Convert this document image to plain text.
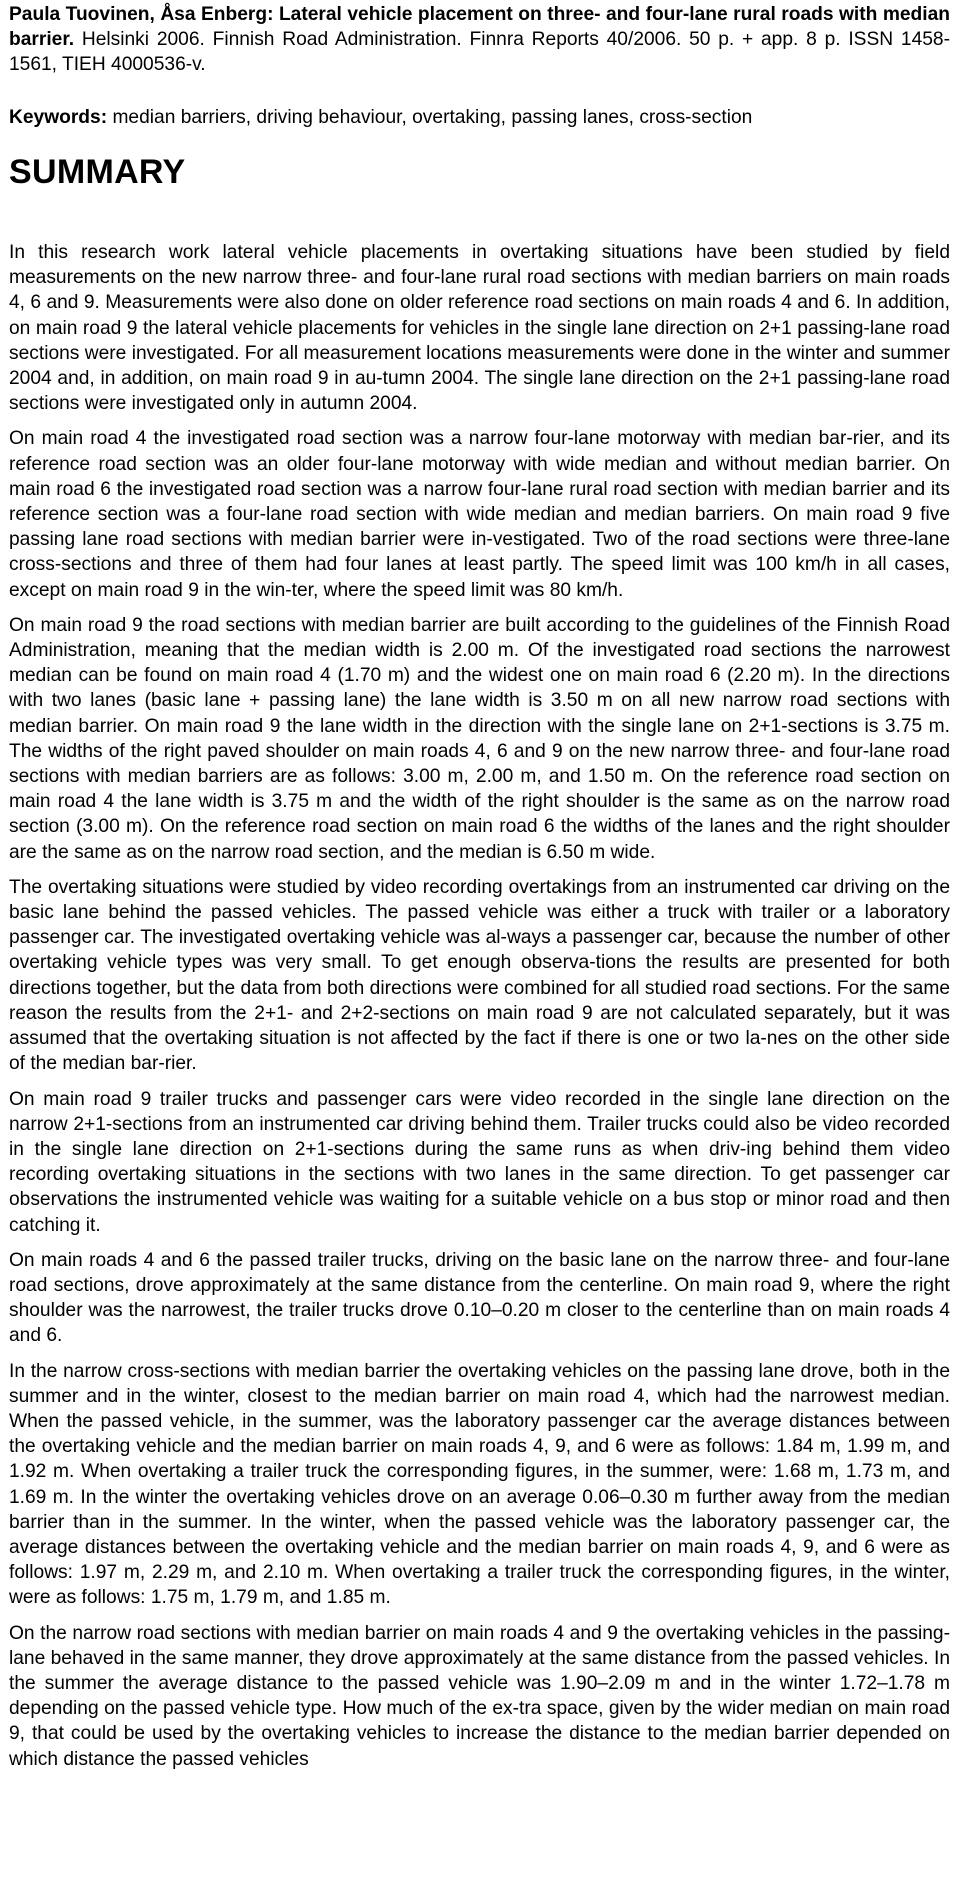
Paula Tuovinen, Åsa Enberg: Lateral vehicle placement on three- and four-lane rural roads with median barrier. Helsinki 2006. Finnish Road Administration. Finnra Reports 40/2006. 50 p. + app. 8 p. ISSN 1458-1561, TIEH 4000536-v.

Keywords: median barriers, driving behaviour, overtaking, passing lanes, cross-section

SUMMARY

In this research work lateral vehicle placements in overtaking situations have been studied by field measurements on the new narrow three- and four-lane rural road sections with median barriers on main roads 4, 6 and 9. Measurements were also done on older reference road sections on main roads 4 and 6. In addition, on main road 9 the lateral vehicle placements for vehicles in the single lane direction on 2+1 passing-lane road sections were investigated. For all measurement locations measurements were done in the winter and summer 2004 and, in addition, on main road 9 in au-tumn 2004. The single lane direction on the 2+1 passing-lane road sections were investigated only in autumn 2004.

On main road 4 the investigated road section was a narrow four-lane motorway with median bar-rier, and its reference road section was an older four-lane motorway with wide median and without median barrier. On main road 6 the investigated road section was a narrow four-lane rural road section with median barrier and its reference section was a four-lane road section with wide median and median barriers. On main road 9 five passing lane road sections with median barrier were in-vestigated. Two of the road sections were three-lane cross-sections and three of them had four lanes at least partly. The speed limit was 100 km/h in all cases, except on main road 9 in the win-ter, where the speed limit was 80 km/h.

On main road 9 the road sections with median barrier are built according to the guidelines of the Finnish Road Administration, meaning that the median width is 2.00 m. Of the investigated road sections the narrowest median can be found on main road 4 (1.70 m) and the widest one on main road 6 (2.20 m). In the directions with two lanes (basic lane + passing lane) the lane width is 3.50 m on all new narrow road sections with median barrier. On main road 9 the lane width in the direction with the single lane on 2+1-sections is 3.75 m. The widths of the right paved shoulder on main roads 4, 6 and 9 on the new narrow three- and four-lane road sections with median barriers are as follows: 3.00 m, 2.00 m, and 1.50 m. On the reference road section on main road 4 the lane width is 3.75 m and the width of the right shoulder is the same as on the narrow road section (3.00 m). On the reference road section on main road 6 the widths of the lanes and the right shoulder are the same as on the narrow road section, and the median is 6.50 m wide.

The overtaking situations were studied by video recording overtakings from an instrumented car driving on the basic lane behind the passed vehicles. The passed vehicle was either a truck with trailer or a laboratory passenger car. The investigated overtaking vehicle was al-ways a passenger car, because the number of other overtaking vehicle types was very small. To get enough observa-tions the results are presented for both directions together, but the data from both directions were combined for all studied road sections. For the same reason the results from the 2+1- and 2+2-sections on main road 9 are not calculated separately, but it was assumed that the overtaking situation is not affected by the fact if there is one or two la-nes on the other side of the median bar-rier.

On main road 9 trailer trucks and passenger cars were video recorded in the single lane direction on the narrow 2+1-sections from an instrumented car driving behind them. Trailer trucks could also be video recorded in the single lane direction on 2+1-sections during the same runs as when driv-ing behind them video recording overtaking situations in the sections with two lanes in the same direction. To get passenger car observations the instrumented vehicle was waiting for a suitable vehicle on a bus stop or minor road and then catching it.

On main roads 4 and 6 the passed trailer trucks, driving on the basic lane on the narrow three- and four-lane road sections, drove approximately at the same distance from the centerline. On main road 9, where the right shoulder was the narrowest, the trailer trucks drove 0.10–0.20 m closer to the centerline than on main roads 4 and 6.

In the narrow cross-sections with median barrier the overtaking vehicles on the passing lane drove, both in the summer and in the winter, closest to the median barrier on main road 4, which had the narrowest median. When the passed vehicle, in the summer, was the laboratory passenger car the average distances between the overtaking vehicle and the median barrier on main roads 4, 9, and 6 were as follows: 1.84 m, 1.99 m, and 1.92 m. When overtaking a trailer truck the corresponding figures, in the summer, were: 1.68 m, 1.73 m, and 1.69 m. In the winter the overtaking vehicles drove on an average 0.06–0.30 m further away from the median barrier than in the summer. In the winter, when the passed vehicle was the laboratory passenger car, the average distances between the overtaking vehicle and the median barrier on main roads 4, 9, and 6 were as follows: 1.97 m, 2.29 m, and 2.10 m. When overtaking a trailer truck the corresponding figures, in the winter, were as follows: 1.75 m, 1.79 m, and 1.85 m.

On the narrow road sections with median barrier on main roads 4 and 9 the overtaking vehicles in the passing-lane behaved in the same manner, they drove approximately at the same distance from the passed vehicles. In the summer the average distance to the passed vehicle was 1.90–2.09 m and in the winter 1.72–1.78 m depending on the passed vehicle type. How much of the ex-tra space, given by the wider median on main road 9, that could be used by the overtaking vehicles to increase the distance to the median barrier depended on which distance the passed vehicles
